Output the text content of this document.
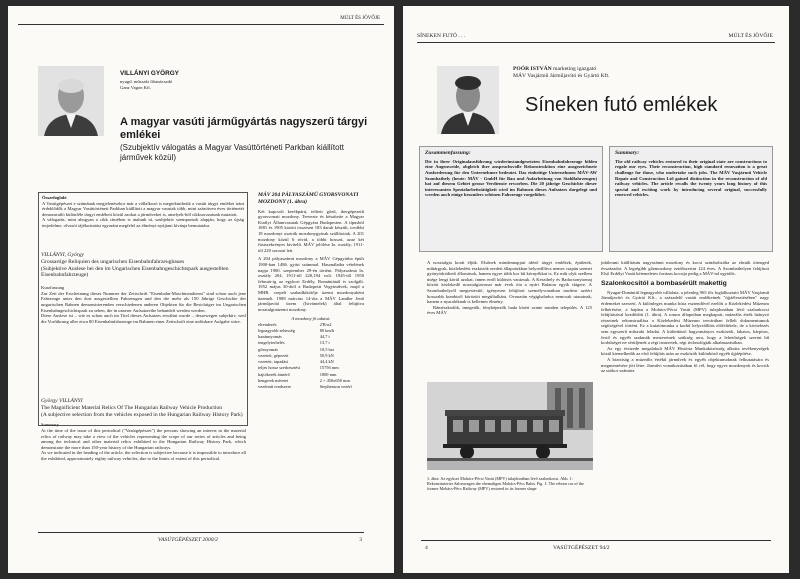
MÚLT ÉS JÖVŐJE
VILLÁNYI GYÖRGY
nyugd. műszaki főtanácsadó
Ganz Vagon Kft.
A magyar vasúti járműgyártás nagyszerű tárgyi emlékei
(Szubjektív válogatás a Magyar Vasúttörténeti Parkban kiállított járművek közül)
Összefoglaló
A Vasútgépészet e számának megjelenésekor már a vállalkozó is megtekinthetik a vasúti tárgyi emlékei iránt érdeklődők a Magyar Vasúttörténeti Parkban kiállított a magyar vasutak több, mint százötven éves történetét demonstráló különféle tárgyi emlékeit közül azokat a járműveket is, amelyek-ből cikksorozatunk mutatott.
A válogatás, mint ahogyan a cikk címében is utalunk rá, szubjektív szempontok alapján, hogy az újság terjedelme, olvasói tájékoztatást egyaránt megfelel az élményt nyújtani kívánja bemutatása.
VILLÁNYI, György
Grossartige Reliquien des ungarischen Eisenbahnfahrzeugbaues
(Subjektive Auslese bei den im Ungarischen Eisenbahngeschichtspark ausgestellten Eisenbahnfahrzeuge)
Kurzfassung
Zur Zeit der Erscheinung dieser Nummer der Zeitschrift "Eisenbahn-Maschinendienst" sind schon auch jene Fahrzeuge unter den dort ausgestellten Fahrzeugen und den die mehr als 150 Jährige Geschichte der ungarischen Bahnen demonstrierenden verschiedenen anderen Objekten für die Besichtiger im Ungarischen Eisenbahngeschichtspark zu sehen, die in unserer Aufsatzreihe behandelt werden werden.
Diese Auslese ist – wie es schon auch im Titel dieses Aufsatzes erwähnt wurde – dessewegen subjektiv, weil die Vorführung aller etwa 80 Eisenbahnfahrzeuge im Rahmen einer Zeitschrift eine unlösbare Aufgabe wäre.
György VILLÁNYI
The Magnificient Material Relics Of The Hungarian Railway Vehicle Production
(A subjective selection from the vehicles exposed in the Hungarian Railway History Park)
Summary
At the time of the issue of this periodical ("Vasútgépészet") the persons showing an interest in the material relics of railway may take a view of the vehicles representing the scope of our series of articles and being among the technical and other material relics exhibited in the Hungarian Railway History Park, which demonstrate the more than 150-year history of the Hungarian railways.
As we indicated in the heading of the article, the selection is subjective because it is impossible to introduce all the exhibited, approximately eighty railway vehicles, due to the limits of extent of this periodical.
MÁV 204 PÁLYASZÁMÚ GYORSVONATI MOZDONY (1. ábra)
Két kapcsolt kerékpárú, telített gőzű, ikergépezetű gyorsvonati mozdony. Tervezte és készítette a Magyar Királyi Államvasutak Gépgyára Budapesten. A típusból 1881 és 1905 között összesen 183 darab készült, további 18 mozdonyt osztrák mozdonygyárak szállítottak. A 201 mozdony közül 6 rövid, a többi hosszú, azaz két füstszekrényes kivitelű. MÁV jelölése Ia. osztály, 1911-től 220 sorozat lett.
A 204 pályaszámú mozdony a MÁV Gépgyárba épült 1900-ban 1486. gyári számmal. Használatba vételének napja 1900. szeptember 29-én történt. Pályaszáma Ia. osztály 204, 1911-től 220,194 volt. 1945-től 1950 február-ig az egykori Erdély, Romániánál is szolgált. 1952 május 30-ától a Budapesti Vegyiművek, majd a MHR. csepeli szabadkikötője üzemi mozdonyaként üzemelt. 1988 március 14-óta a MÁV Landler Jenő járműjavító üzem (Istvántelek) által felújítva nosztalgiaüzemi mozdony.
A mozdony fő adatai:
elrendezés	2'B-n2
legnagyobb sebesség	80 km/h
kazánnyomás	44,7 t
tengelyterhelés	13,7 t
gőznyomás	10,5 bar
vezetett, gépezeti	50,9 kN
vezetett, tapadási	44,4 kN
teljes hossz szerkesztési	15756 mm
hajtókerék átmérő	1800 mm
hengerek méretei	2 × 450x650 mm
vezérmű rendszere	Stephenson vezérl
VASÚTGÉPÉSZET 2000/2	3
SÍNEKEN FUTÓ . . .	MÚLT ÉS JÖVŐJE
POÓR ISTVÁN marketing igazgató
MÁV Vasjármű Járműjavító és Gyártó Kft.
Síneken futó emlékek
Zusammenfassung:
Die in ihrer Originalausführung wiederinstandgesetzten Eisenbahnfahrzeuge bilden eine Augenweide, obgleich ihre anspruchsvolle Rekonstruktion eine ausgezeichnete Ausforderung für den Unternehmer bedeutet. Das einheitige Unternehmen MÁV-AW Szombathely (heute: MÁV - GmbH für Bau und Aufarbeitung von Stahlfahrzeugen) hat auf diesem Gebiet grosse Verdienste erworben. Die 20 jährige Geschichte dieser interessanten Spezialarbeitstätigkeit wird im Rahmen dieses Aufsatzes dargelegt und werden auch einige besonders schönen Fahrzeuge vorgeführt.
Summary:
The old railway vehicles restored to their original state are constructions to regale our eyes. Their reconstruction, high standard renovation is a great challenge for those, who undertake such jobs. The MÁV Vasjármű Vehicle Repair and Construction Ltd gained distinction in the reconstruction of old railway vehicles. The article recalls the twenty years long history of this special and exciting work by introducing several original, successfully renewed vehicles.
A nosztalgia korát éljük. Elsőnek mindennapjait idéző tárgyi emlékek, épületek, műtárgyak, közlekedési eszközök eredeti állapotukban helyreállítva nemes csapán szemet gyönyörködtető állomások, hanem egyre több kor hű környékkat is. Ez műt olyk szellem üsége lengi körül azokat, innen erről különös varázsuk. A Keszthely és Badacsonytomaj között közlekedő nosztalgiavonat már évek óta a nyári Balaton egyik slágere. A Szombathelyről megtestesítő, igényesen felújított személyvonatban modern azóért hosszabb kombiról körözött megtiltalkánt. Ovonatán végighaladva nemcsak utasainak, hanem a nyaralóknak is kellemes élmény.
Bámészkodók, integetők, fényképezők hada kíséri szinte minden település. A 125 éves MÁV
1. ábra: Az egykori Mohács-Pécsi Vasút (MPV) tulajdonában lévő szalonkocsi. Abb. 1: Rekonstruierter Salonwagen der ehemaligen Mohács-Pécs Bahn. Fig. 1: The reborn car of the former Mohács-Pécs Railway (MPV) restored in its former shape
jubileumi kiállításán nagyszámú mozdony és kocsi szimbolizálta az elmúlt öttenged évszázadot. A legrégibb gőzmozdony ezidőszerint 124 éves. A Szombathelyen felújított Első Erdélyi Vasút kétemeletes favázas kocsija pedig a MÁV-tal egyidős.
Szalonkocsitól a bombasérült makettig
Nyugat-Dunántúl legnagyobb vállalata, a jelenleg 965 fős foglalkoztató MÁV Vasjármű Járműjavító és Gyártó Kft., a századelő vasúti emlékeinek "újjáélesztésében" nagy érdemeket szerzett. A különleges munka húsz esztendővel ezelőtt a Közlekedési Múzeum felkérésére, a hajdan a Mohács-Pécsi Vasút (MPV) tulajdonában lévő szalonkocsi felújításával kezdődött (1. ábra). A romos állapotban megkapott, múzeális érték hiányzó részeinek rekonstruálása a Közlekedési Múzeum tervárában fellelt dokumentumok segítségével történt. Ez a kutatómunka a korhű helyreállítás előfeltétele, de a kivitelezés sem egyszerű műszaki feladat. A különböző hagyományos eszközök, lakatos, kárpitos, festő és egyéb szakmák mestereinek szükség arra, hogy a lehetőségek szerint hű korhűséget ne sérüljenek a régi ismeretek, régi technológiák alkalmazásában.
Az egy évtizede megalakult MÁV História Munkaközösség alkotta tevékenységek közül kiemelkedik az első felújítás után az eszközök különböző egyéb újjáépítése.
A bizottság a múzeális értékű járművek és egyéb objektumoknak felkutatására és megmentésére jött létre. Járművi vonatkozásában fő cél, hogy egyes mozdonyok és kocsik az utókor számára
4	VASÚTGÉPÉSZET 94/2
